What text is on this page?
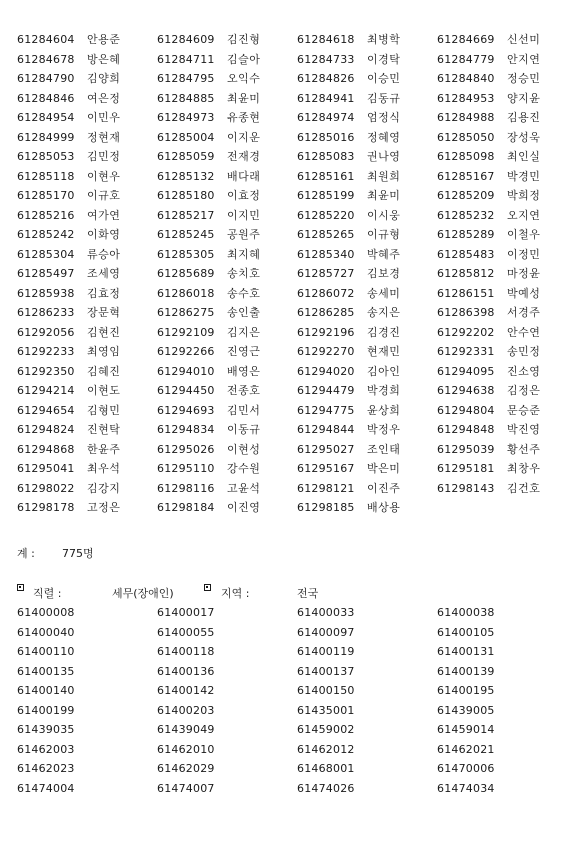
61284604 안용준	61284609 김진형	61284618 최병학	61284669 신선미
61284678 방은혜	61284711 김슬아	61284733 이경탁	61284779 안지연
61284790 김양희	61284795 오익수	61284826 이승민	61284840 정승민
61284846 여은정	61284885 최윤미	61284941 김동규	61284953 양지윤
61284954 이민우	61284973 유종현	61284974 엄정식	61284988 김용진
61284999 정현재	61285004 이지운	61285016 정혜영	61285050 장성욱
61285053 김민정	61285059 전재경	61285083 권나영	61285098 최인실
61285118 이현우	61285132 배다래	61285161 최원희	61285167 박경민
61285170 이규호	61285180 이효정	61285199 최윤미	61285209 박희정
61285216 여가연	61285217 이지민	61285220 이시웅	61285232 오지연
61285242 이화영	61285245 공원주	61285265 이규형	61285289 이철우
61285304 류승아	61285305 최지혜	61285340 박혜주	61285483 이정민
61285497 조세영	61285689 송치호	61285727 김보경	61285812 마정윤
61285938 김효정	61286018 송수호	61286072 송세미	61286151 박예성
61286233 장문혁	61286275 송인출	61286285 송지은	61286398 서경주
61292056 김현진	61292109 김지은	61292196 김경진	61292202 안수연
61292233 최영임	61292266 진영근	61292270 현재민	61292331 송민정
61292350 김혜진	61294010 배영은	61294020 김아인	61294095 진소영
61294214 이현도	61294450 전종호	61294479 박경희	61294638 김정은
61294654 김형민	61294693 김민서	61294775 윤상희	61294804 문승준
61294824 진현탁	61294834 이동규	61294844 박정우	61294848 박진영
61294868 한윤주	61295026 이현성	61295027 조인태	61295039 황선주
61295041 최우석	61295110 강수원	61295167 박은미	61295181 최창우
61298022 김강지	61298116 고윤석	61298121 이진주	61298143 김건호
61298178 고정은	61298184 이진영	61298185 배상용
계 : 775명
직렬 :	세무(장애인)	지역 :	전국
61400008	61400017	61400033	61400038
61400040	61400055	61400097	61400105
61400110	61400118	61400119	61400131
61400135	61400136	61400137	61400139
61400140	61400142	61400150	61400195
61400199	61400203	61435001	61439005
61439035	61439049	61459002	61459014
61462003	61462010	61462012	61462021
61462023	61462029	61468001	61470006
61474004	61474007	61474026	61474034
